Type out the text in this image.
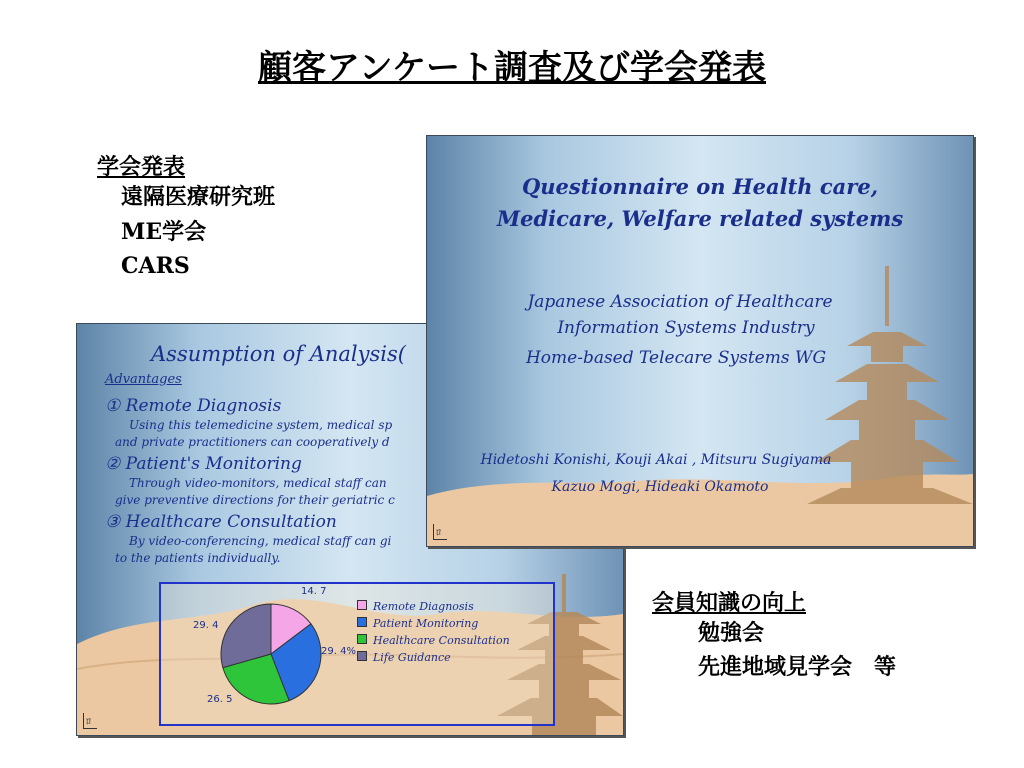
顧客アンケート調査及び学会発表
学会発表
遠隔医療研究班
ME学会
CARS
Assumption of Analysis(
Advantages
① Remote Diagnosis
Using this telemedicine system, medical sp
and private practitioners can cooperatively d
② Patient's Monitoring
Through video-monitors, medical staff can
give preventive directions for their geriatric c
③ Healthcare Consultation
By video-conferencing, medical staff can gi
to the patients individually.
14. 7
29. 4%
26. 5
29. 4
Remote Diagnosis
Patient Monitoring
Healthcare Consultation
Life Guidance
ﾛ
Questionnaire on Health care,
Medicare, Welfare related systems
Japanese Association of Healthcare
Information Systems Industry
Home-based Telecare Systems WG
Hidetoshi Konishi, Kouji Akai , Mitsuru Sugiyama
Kazuo Mogi, Hideaki Okamoto
ﾛ
会員知識の向上
勉強会
先進地域見学会　等
